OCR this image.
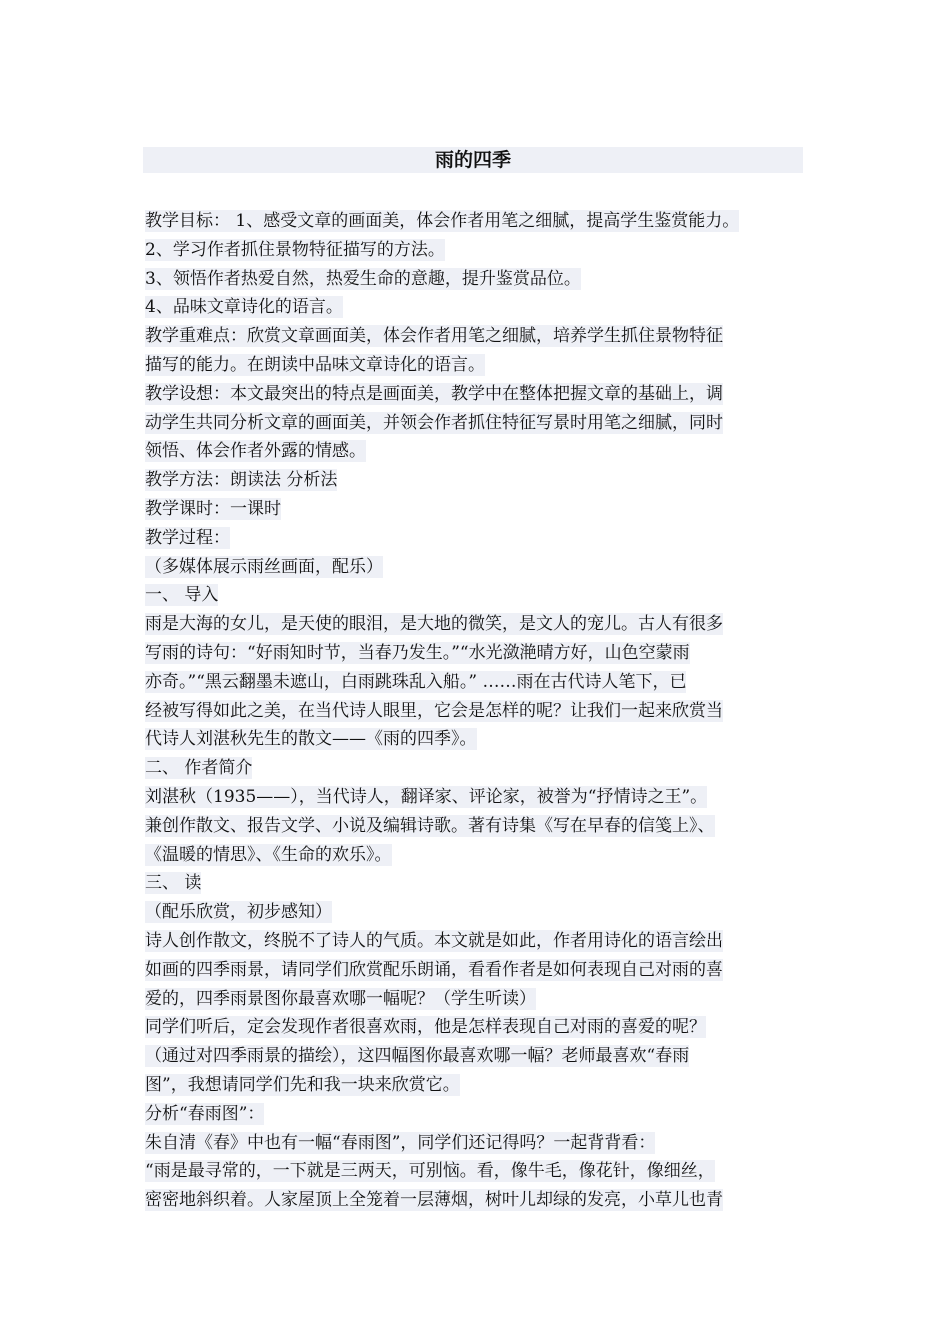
雨的四季
教学目标： 1、感受文章的画面美，体会作者用笔之细腻，提高学生鉴赏能力。
2、学习作者抓住景物特征描写的方法。
3、领悟作者热爱自然，热爱生命的意趣，提升鉴赏品位。
4、品味文章诗化的语言。
教学重难点：欣赏文章画面美，体会作者用笔之细腻，培养学生抓住景物特征
描写的能力。在朗读中品味文章诗化的语言。
教学设想：本文最突出的特点是画面美，教学中在整体把握文章的基础上，调
动学生共同分析文章的画面美，并领会作者抓住特征写景时用笔之细腻，同时
领悟、体会作者外露的情感。
教学方法：朗读法 分析法
教学课时：一课时
教学过程：
（多媒体展示雨丝画面，配乐）
一、 导入
雨是大海的女儿，是天使的眼泪，是大地的微笑，是文人的宠儿。古人有很多
写雨的诗句：“好雨知时节，当春乃发生。”“水光潋滟晴方好，山色空蒙雨
亦奇。”“黑云翻墨未遮山，白雨跳珠乱入船。” ……雨在古代诗人笔下，已
经被写得如此之美，在当代诗人眼里，它会是怎样的呢？让我们一起来欣赏当
代诗人刘湛秋先生的散文——《雨的四季》。
二、 作者简介
刘湛秋（1935——），当代诗人，翻译家、评论家，被誉为“抒情诗之王”。
兼创作散文、报告文学、小说及编辑诗歌。著有诗集《写在早春的信笺上》、
《温暖的情思》、《生命的欢乐》。
三、 读
（配乐欣赏，初步感知）
诗人创作散文，终脱不了诗人的气质。本文就是如此，作者用诗化的语言绘出
如画的四季雨景，请同学们欣赏配乐朗诵，看看作者是如何表现自己对雨的喜
爱的，四季雨景图你最喜欢哪一幅呢？（学生听读）
同学们听后，定会发现作者很喜欢雨，他是怎样表现自己对雨的喜爱的呢？
（通过对四季雨景的描绘），这四幅图你最喜欢哪一幅？老师最喜欢“春雨
图”，我想请同学们先和我一块来欣赏它。
分析“春雨图”：
朱自清《春》中也有一幅“春雨图”，同学们还记得吗？一起背背看：
“雨是最寻常的，一下就是三两天，可别恼。看，像牛毛，像花针，像细丝，
密密地斜织着。人家屋顶上全笼着一层薄烟，树叶儿却绿的发亮，小草儿也青
